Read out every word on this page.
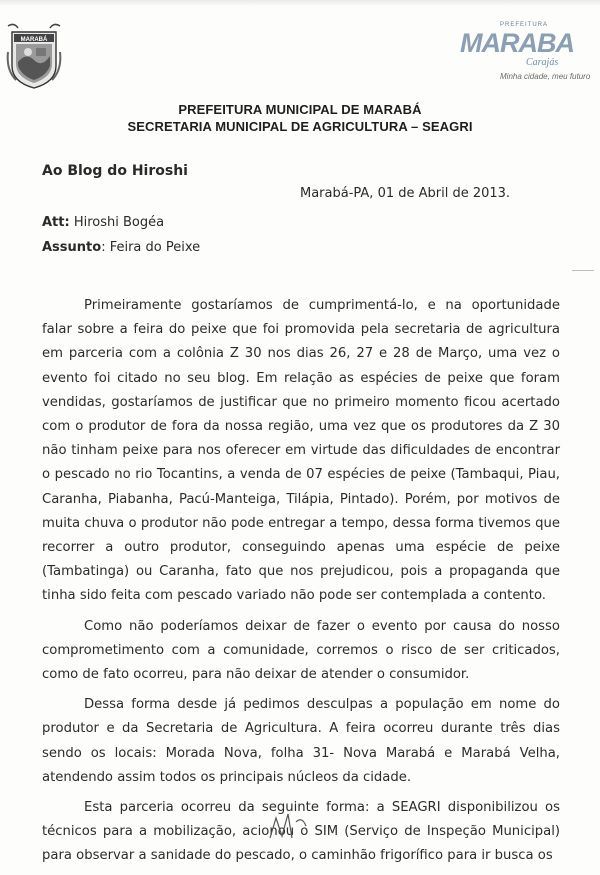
MARABÁ
PREFEITURA
MARABA
Carajás
Minha cidade, meu futuro
PREFEITURA MUNICIPAL DE MARABÁ
SECRETARIA MUNICIPAL DE AGRICULTURA – SEAGRI
Ao Blog do Hiroshi
Marabá-PA, 01 de Abril de 2013.
Att: Hiroshi Bogéa
Assunto: Feira do Peixe

Primeiramente gostaríamos de cumprimentá-lo, e na oportunidade falar sobre a feira do peixe que foi promovida pela secretaria de agricultura em parceria com a colônia Z 30 nos dias 26, 27 e 28 de Março, uma vez o evento foi citado no seu blog. Em relação as espécies de peixe que foram vendidas, gostaríamos de justificar que no primeiro momento ficou acertado com o produtor de fora da nossa região, uma vez que os produtores da Z 30 não tinham peixe para nos oferecer em virtude das dificuldades de encontrar o pescado no rio Tocantins, a venda de 07 espécies de peixe (Tambaqui, Piau, Caranha, Piabanha, Pacú-Manteiga, Tilápia, Pintado). Porém, por motivos de muita chuva o produtor não pode entregar a tempo, dessa forma tivemos que recorrer a outro produtor, conseguindo apenas uma espécie de peixe (Tambatinga) ou Caranha, fato que nos prejudicou, pois a propaganda que tinha sido feita com pescado variado não pode ser contemplada a contento.

Como não poderíamos deixar de fazer o evento por causa do nosso comprometimento com a comunidade, corremos o risco de ser criticados, como de fato ocorreu, para não deixar de atender o consumidor.

Dessa forma desde já pedimos desculpas a população em nome do produtor e da Secretaria de Agricultura. A feira ocorreu durante três dias sendo os locais: Morada Nova, folha 31- Nova Marabá e Marabá Velha, atendendo assim todos os principais núcleos da cidade.

Esta parceria ocorreu da seguinte forma: a SEAGRI disponibilizou os técnicos para a mobilização, acionou o SIM (Serviço de Inspeção Municipal) para observar a sanidade do pescado, o caminhão frigorífico para ir busca os
